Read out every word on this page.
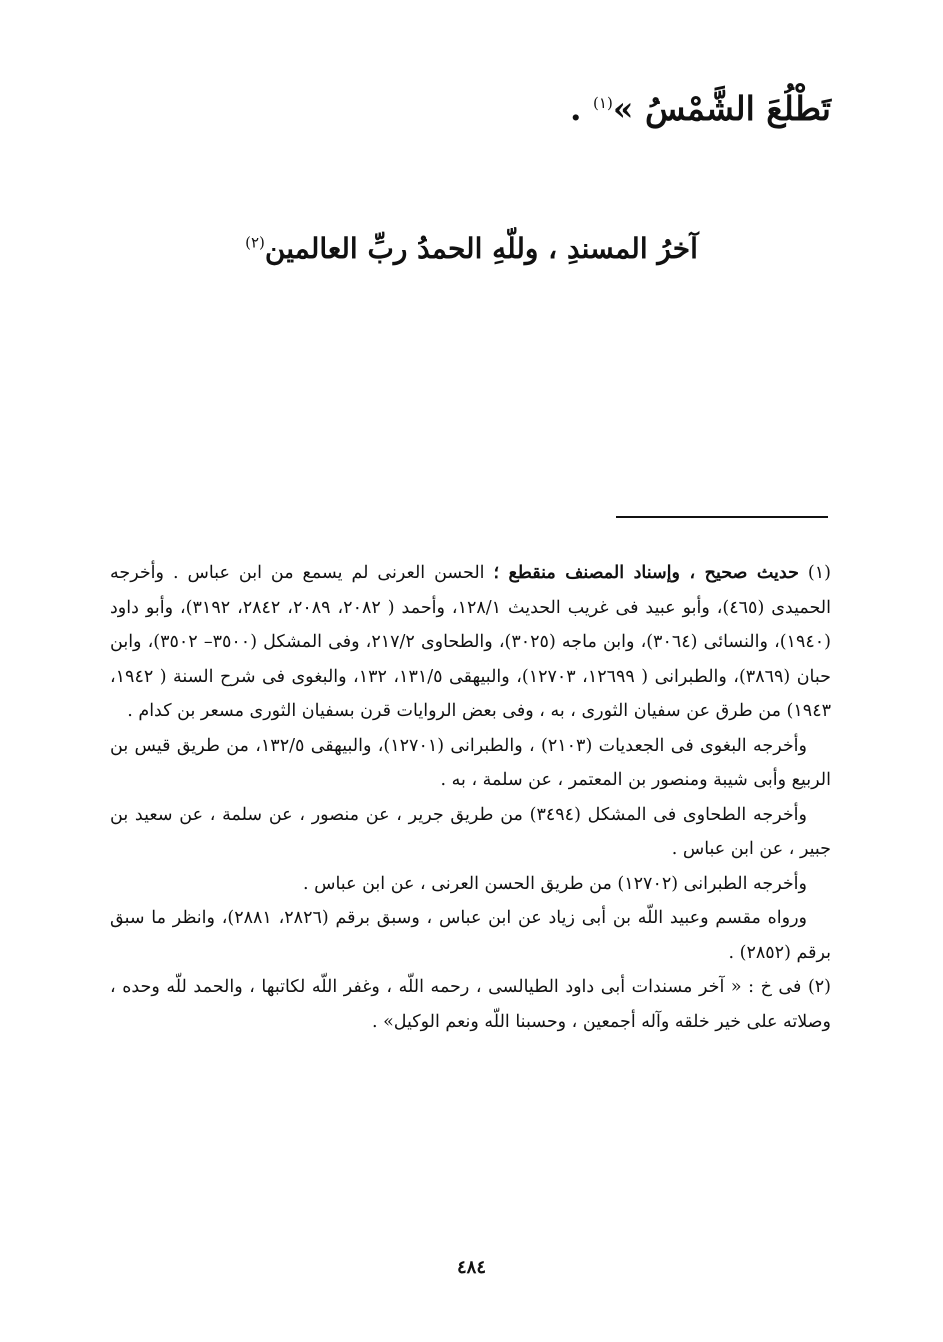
تَطْلُعَ الشَّمْسُ »$^{(١)}$ .
آخرُ المسندِ ، وللّهِ الحمدُ ربِّ العالمين$^{(٢)}$

(١) حديث صحيح ، وإسناد المصنف منقطع ؛ الحسن العرنى لم يسمع من ابن عباس . وأخرجه الحميدى (٤٦٥)، وأبو عبيد فى غريب الحديث ١٢٨/١، وأحمد ( ٢٠٨٢، ٢٠٨٩، ٢٨٤٢، ٣١٩٢)، وأبو داود (١٩٤٠)، والنسائى (٣٠٦٤)، وابن ماجه (٣٠٢٥)، والطحاوى ٢١٧/٢، وفى المشكل (٣٥٠٠– ٣٥٠٢)، وابن حبان (٣٨٦٩)، والطبرانى ( ١٢٦٩٩، ١٢٧٠٣)، والبيهقى ١٣١/٥، ١٣٢، والبغوى فى شرح السنة ( ١٩٤٢، ١٩٤٣) من طرق عن سفيان الثورى ، به ، وفى بعض الروايات قرن بسفيان الثورى مسعر بن كدام .

وأخرجه البغوى فى الجعديات (٢١٠٣) ، والطبرانى (١٢٧٠١)، والبيهقى ١٣٢/٥، من طريق قيس بن الربيع وأبى شيبة ومنصور بن المعتمر ، عن سلمة ، به .

وأخرجه الطحاوى فى المشكل (٣٤٩٤) من طريق جرير ، عن منصور ، عن سلمة ، عن سعيد بن جبير ، عن ابن عباس .

وأخرجه الطبرانى (١٢٧٠٢) من طريق الحسن العرنى ، عن ابن عباس .

ورواه مقسم وعبيد اللّه بن أبى زياد عن ابن عباس ، وسبق برقم (٢٨٢٦، ٢٨٨١)، وانظر ما سبق برقم (٢٨٥٢) .

(٢) فى خ : « آخر مسندات أبى داود الطيالسى ، رحمه اللّه ، وغفر اللّه لكاتبها ، والحمد للّه وحده ، وصلاته على خير خلقه وآله أجمعين ، وحسبنا اللّه ونعم الوكيل» .

٤٨٤
